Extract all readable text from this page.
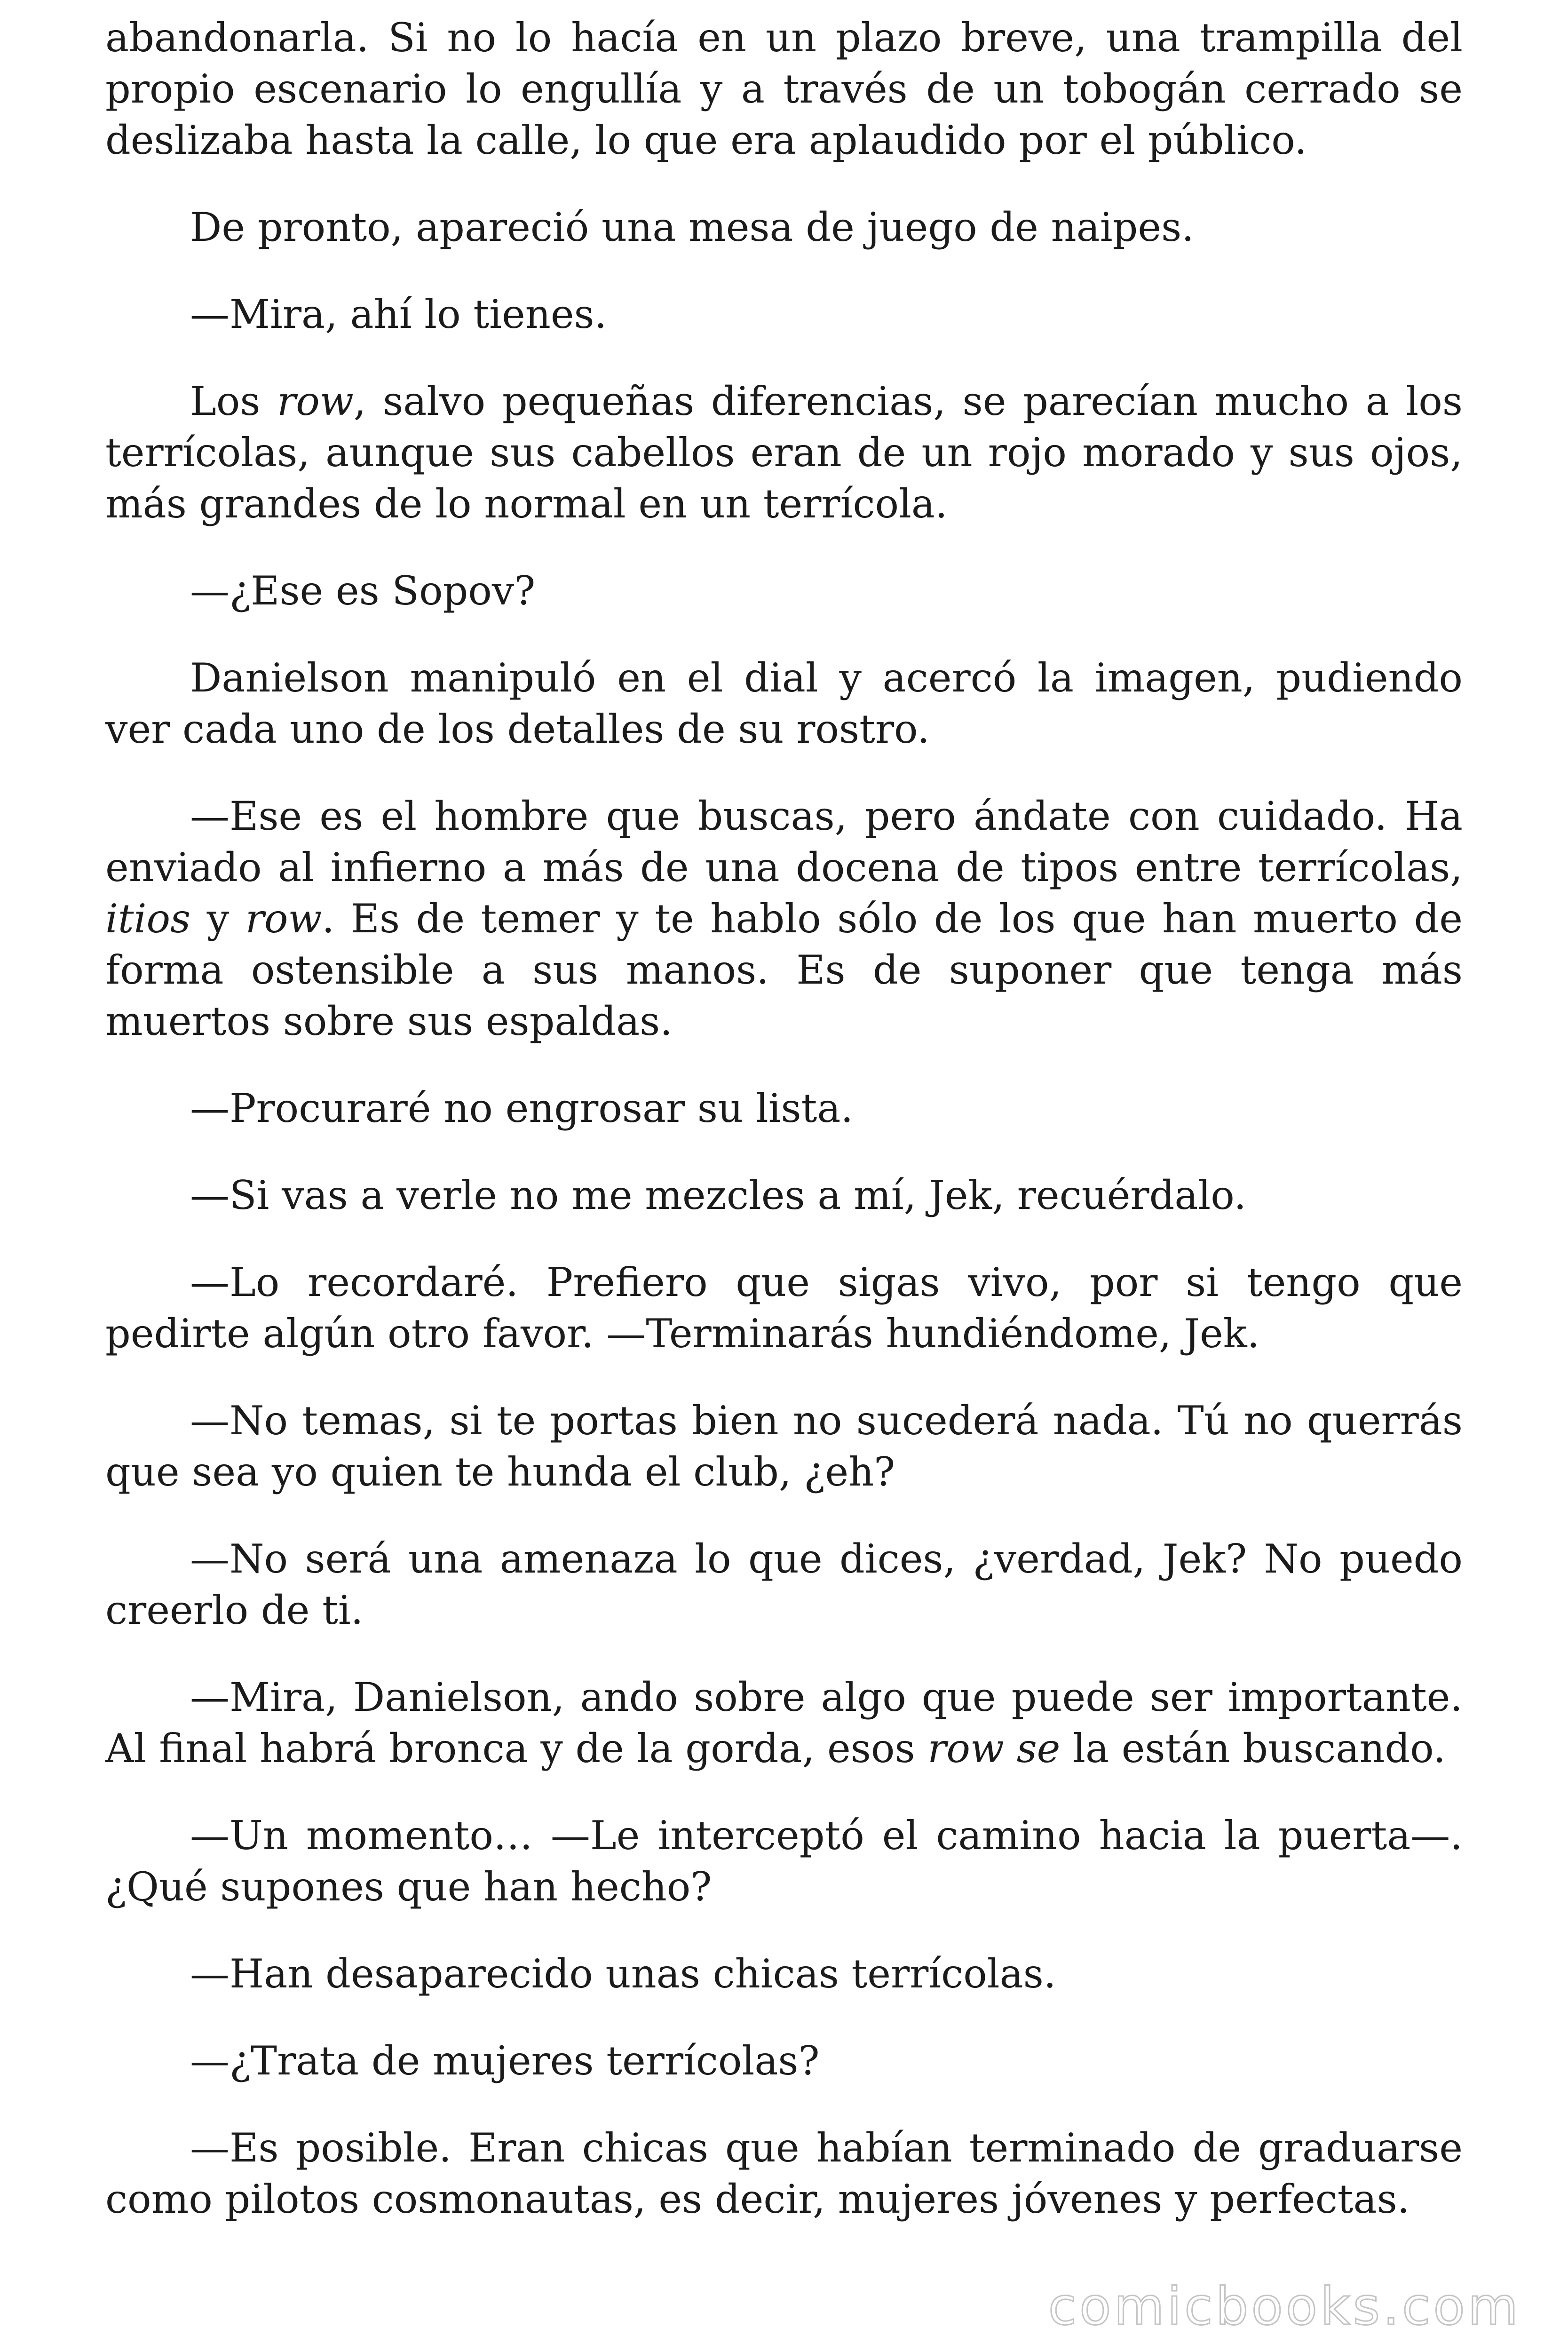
abandonarla. Si no lo hacía en un plazo breve, una trampilla del propio escenario lo engullía y a través de un tobogán cerrado se deslizaba hasta la calle, lo que era aplaudido por el público.

De pronto, apareció una mesa de juego de naipes.

—Mira, ahí lo tienes.

Los row, salvo pequeñas diferencias, se parecían mucho a los terrícolas, aunque sus cabellos eran de un rojo morado y sus ojos, más grandes de lo normal en un terrícola.

—¿Ese es Sopov?

Danielson manipuló en el dial y acercó la imagen, pudiendo ver cada uno de los detalles de su rostro.

—Ese es el hombre que buscas, pero ándate con cuidado. Ha enviado al infierno a más de una docena de tipos entre terrícolas, itios y row. Es de temer y te hablo sólo de los que han muerto de forma ostensible a sus manos. Es de suponer que tenga más muertos sobre sus espaldas.

—Procuraré no engrosar su lista.

—Si vas a verle no me mezcles a mí, Jek, recuérdalo.

—Lo recordaré. Prefiero que sigas vivo, por si tengo que pedirte algún otro favor. —Terminarás hundiéndome, Jek.

—No temas, si te portas bien no sucederá nada. Tú no querrás que sea yo quien te hunda el club, ¿eh?

—No será una amenaza lo que dices, ¿verdad, Jek? No puedo creerlo de ti.

—Mira, Danielson, ando sobre algo que puede ser importante. Al final habrá bronca y de la gorda, esos row se la están buscando.

—Un momento… —Le interceptó el camino hacia la puerta—. ¿Qué supones que han hecho?

—Han desaparecido unas chicas terrícolas.

—¿Trata de mujeres terrícolas?

—Es posible. Eran chicas que habían terminado de graduarse como pilotos cosmonautas, es decir, mujeres jóvenes y perfectas.

comicbooks.com
